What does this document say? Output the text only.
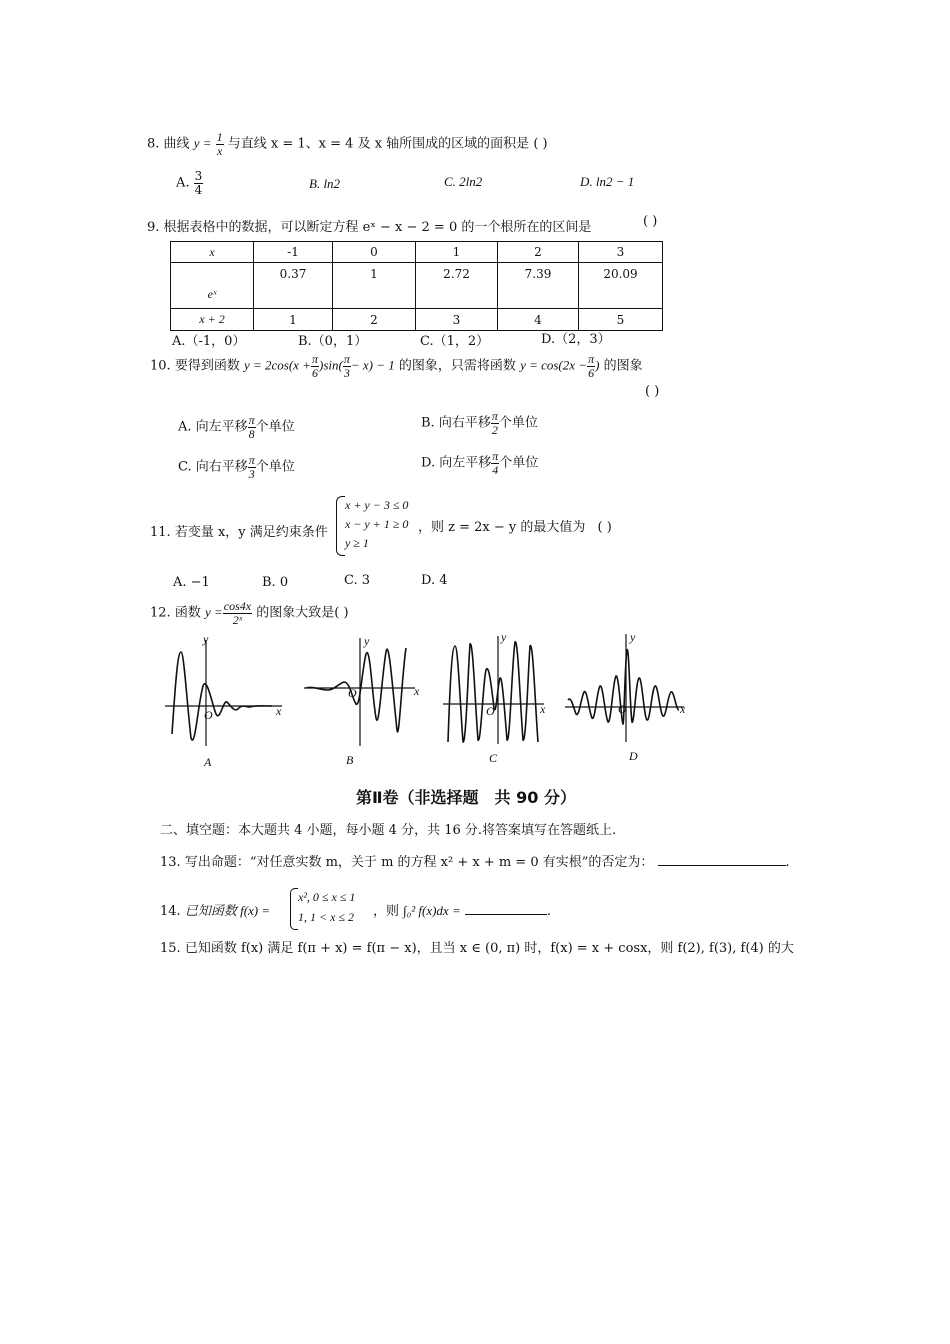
8. 曲线 $y = \frac{1}{x}$ 与直线 x = 1、x = 4 及 x 轴所围成的区域的面积是 ( )
A. $\frac{3}{4}$	B. ln2	C. 2ln2	D. ln2 − 1
9. 根据表格中的数据，可以断定方程 eˣ − x − 2 = 0 的一个根所在的区间是	( )
x	-1	0	1	2	3
eˣ	0.37	1	2.72	7.39	20.09
x + 2	1	2	3	4	5
A.（-1，0）	B.（0，1）	C.（1，2）	D.（2，3）
10. 要得到函数 $y = 2\cos(x + \frac{\pi}{6} )\sin( \frac{\pi}{3} - x) - 1$ 的图象，只需将函数 $y = \cos(2x - \frac{\pi}{6}$ ) 的图象
( )
A. 向左平移 $\frac{\pi}{8}$ 个单位	B. 向右平移 $\frac{\pi}{2}$ 个单位
C. 向右平移 $\frac{\pi}{3}$ 个单位	D. 向左平移 $\frac{\pi}{4}$ 个单位
11. 若变量 x，y 满足约束条件
x + y − 3 ≤ 0
x − y + 1 ≥ 0
y ≥ 1
，则 z = 2x − y 的最大值为 ( )
A. −1	B. 0	C. 3	D. 4
12. 函数 $y = \frac{\cos 4x}{\text{2ˣ}}$ 的图象大致是( )
y
x
O
A
y
x
O
B
y
x
O
C
y
x
O
D
第Ⅱ卷（非选择题　共 90 分）
二、填空题：本大题共 4 小题，每小题 4 分，共 16 分.将答案填写在答题纸上.
13. 写出命题：“对任意实数 m，关于 m 的方程 x² + x + m = 0 有实根”的否定为：	.
14. 已知函数 f(x) =
x², 0 ≤ x ≤ 1
1, 1 < x ≤ 2 ，则 ∫₀² f(x)dx =	.
15. 已知函数 f(x) 满足 f(π + x) = f(π − x)，且当 x ∈ (0, π) 时，f(x) = x + cosx，则 f(2), f(3), f(4) 的大
